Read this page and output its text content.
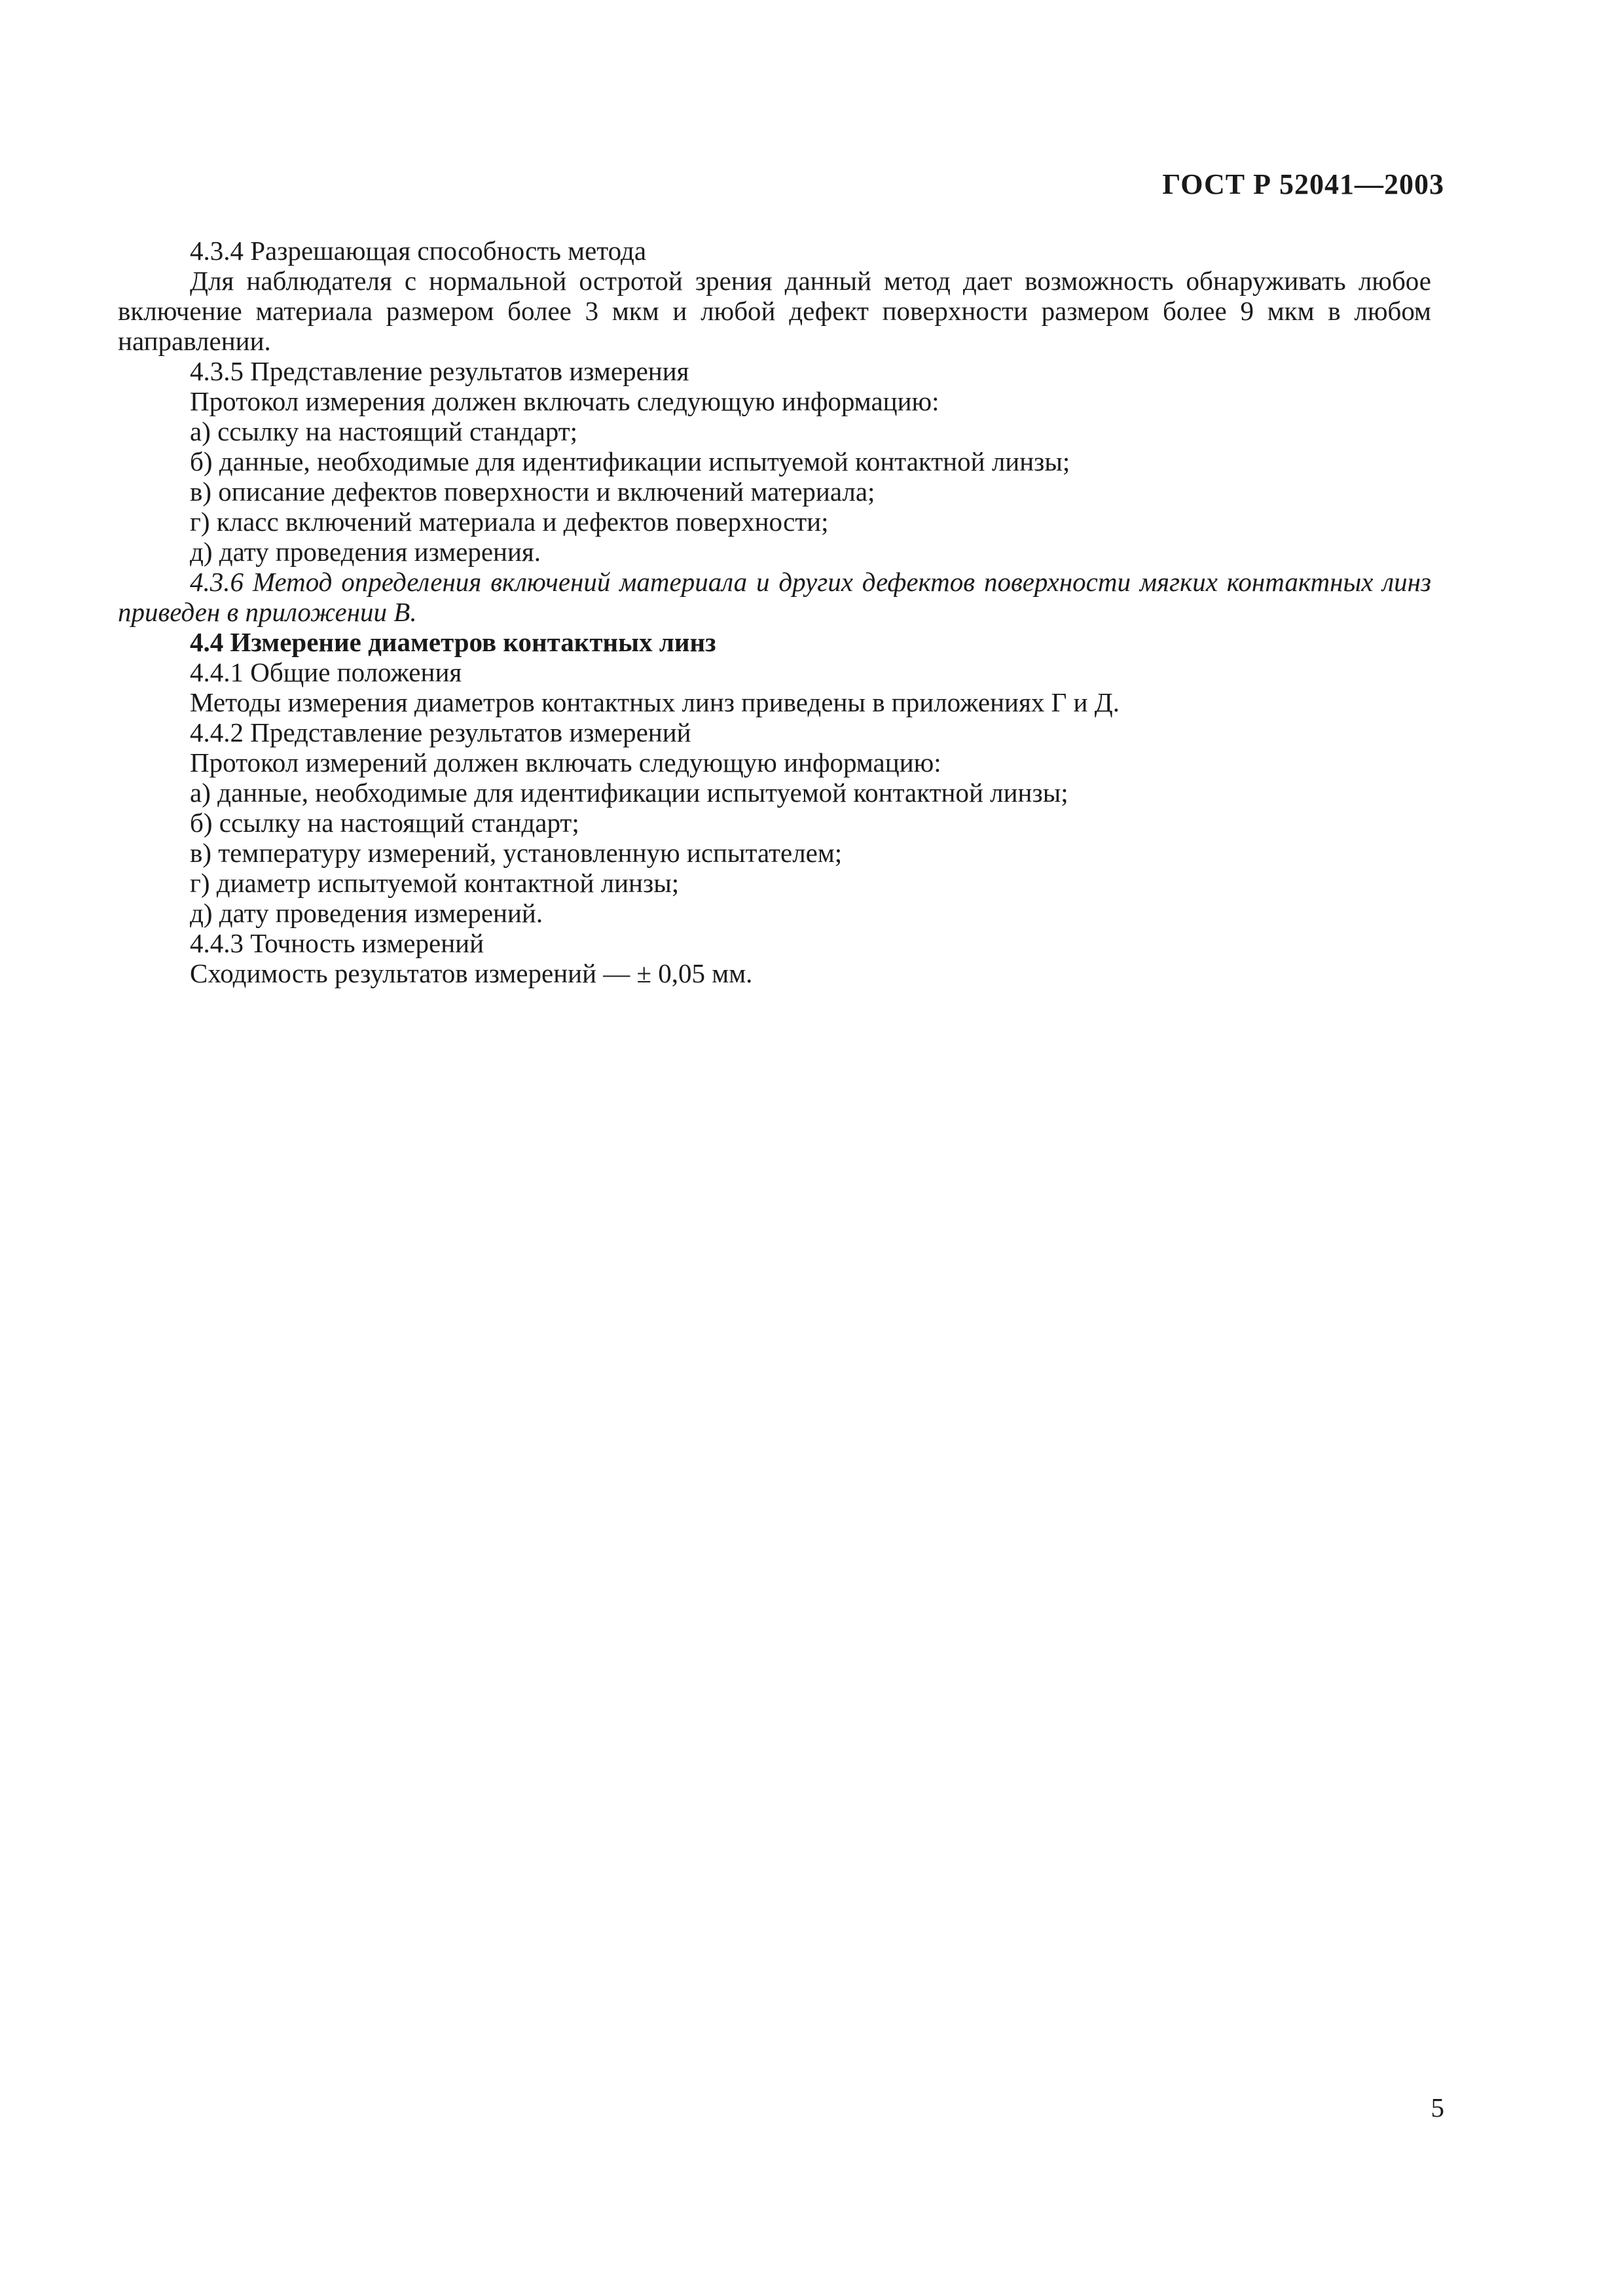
ГОСТ Р 52041—2003

4.3.4 Разрешающая способность метода

Для наблюдателя с нормальной остротой зрения данный метод дает возможность обнаруживать любое включение материала размером более 3 мкм и любой дефект поверхности размером более 9 мкм в любом направлении.

4.3.5 Представление результатов измерения

Протокол измерения должен включать следующую информацию:

а) ссылку на настоящий стандарт;

б) данные, необходимые для идентификации испытуемой контактной линзы;

в) описание дефектов поверхности и включений материала;

г) класс включений материала и дефектов поверхности;

д) дату проведения измерения.

4.3.6 Метод определения включений материала и других дефектов поверхности мягких контактных линз приведен в приложении В.

4.4 Измерение диаметров контактных линз

4.4.1 Общие положения

Методы измерения диаметров контактных линз приведены в приложениях Г и Д.

4.4.2 Представление результатов измерений

Протокол измерений должен включать следующую информацию:

а) данные, необходимые для идентификации испытуемой контактной линзы;

б) ссылку на настоящий стандарт;

в) температуру измерений, установленную испытателем;

г) диаметр испытуемой контактной линзы;

д) дату проведения измерений.

4.4.3 Точность измерений

Сходимость результатов измерений — ± 0,05 мм.

5
